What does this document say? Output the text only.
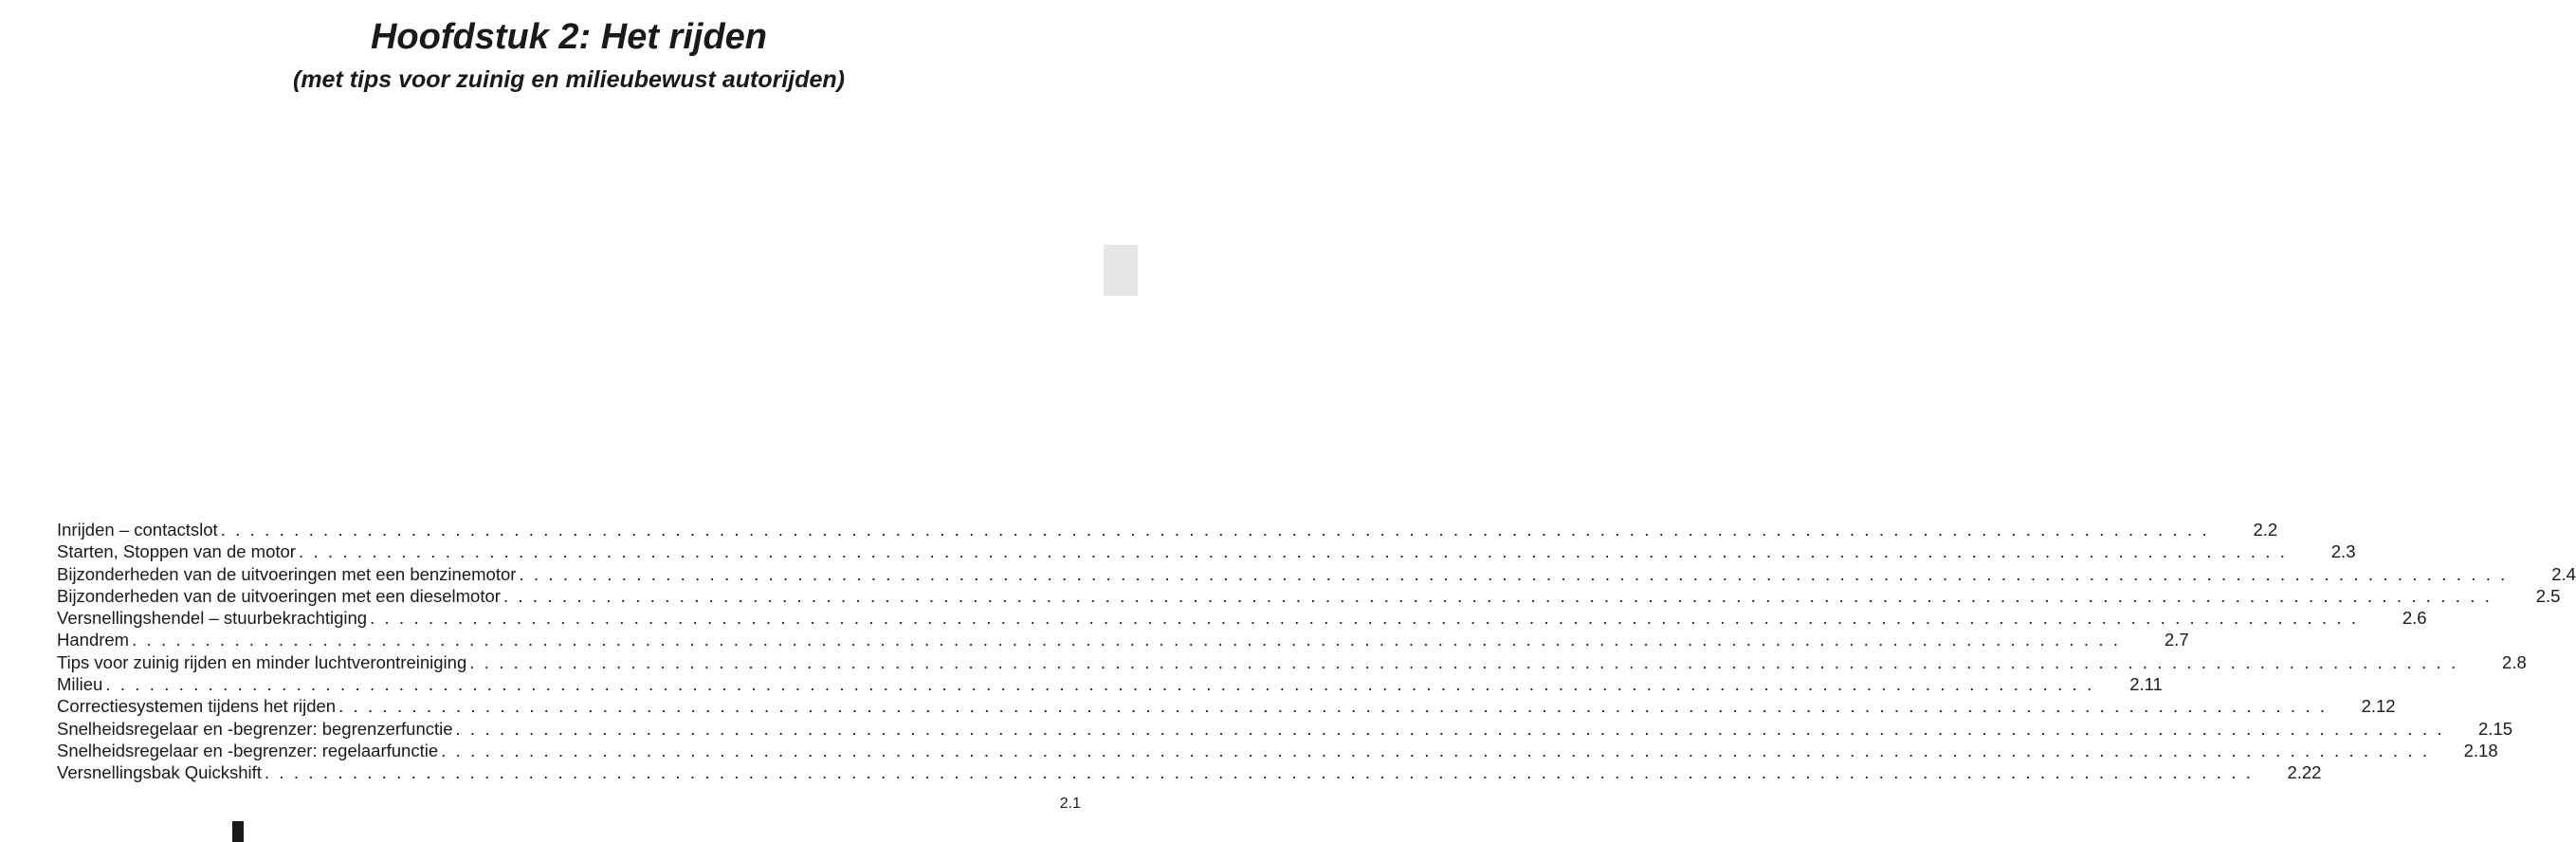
Hoofdstuk 2: Het rijden
(met tips voor zuinig en milieubewust autorijden)
Inrijden – contactslot . . . . . . . . . . . . . . . . . . . . . . . . . . . . . . . . . . . . . . . . . . . . . . . . . . . . . . . . . . . . . . . . . . . . . . . . . . . . . . . . . . . . . . . . . . . . . . . . . . . . . . . . . . . . . . . . . . . . . . . . . . . . . . . . . . . . . . . .	2.2
Starten, Stoppen van de motor . . . . . . . . . . . . . . . . . . . . . . . . . . . . . . . . . . . . . . . . . . . . . . . . . . . . . . . . . . . . . . . . . . . . . . . . . . . . . . . . . . . . . . . . . . . . . . . . . . . . . . . . . . . . . . . . . . . . . . . . . . . . . . . . . . . . . . . .	2.3
Bijzonderheden van de uitvoeringen met een benzinemotor . . . . . . . . . . . . . . . . . . . . . . . . . . . . . . . . . . . . . . . . . . . . . . . . . . . . . . . . . . . . . . . . . . . . . . . . . . . . . . . . . . . . . . . . . . . . . . . . . . . . . . . . . . . . . . . . . . . . . . . . . . . . . . . . . . . . . . . .	2.4
Bijzonderheden van de uitvoeringen met een dieselmotor . . . . . . . . . . . . . . . . . . . . . . . . . . . . . . . . . . . . . . . . . . . . . . . . . . . . . . . . . . . . . . . . . . . . . . . . . . . . . . . . . . . . . . . . . . . . . . . . . . . . . . . . . . . . . . . . . . . . . . . . . . . . . . . . . . . . . . . .	2.5
Versnellingshendel – stuurbekrachtiging . . . . . . . . . . . . . . . . . . . . . . . . . . . . . . . . . . . . . . . . . . . . . . . . . . . . . . . . . . . . . . . . . . . . . . . . . . . . . . . . . . . . . . . . . . . . . . . . . . . . . . . . . . . . . . . . . . . . . . . . . . . . . . . . . . . . . . . .	2.6
Handrem . . . . . . . . . . . . . . . . . . . . . . . . . . . . . . . . . . . . . . . . . . . . . . . . . . . . . . . . . . . . . . . . . . . . . . . . . . . . . . . . . . . . . . . . . . . . . . . . . . . . . . . . . . . . . . . . . . . . . . . . . . . . . . . . . . . . . . . .	2.7
Tips voor zuinig rijden en minder luchtverontreiniging . . . . . . . . . . . . . . . . . . . . . . . . . . . . . . . . . . . . . . . . . . . . . . . . . . . . . . . . . . . . . . . . . . . . . . . . . . . . . . . . . . . . . . . . . . . . . . . . . . . . . . . . . . . . . . . . . . . . . . . . . . . . . . . . . . . . . . . .	2.8
Milieu . . . . . . . . . . . . . . . . . . . . . . . . . . . . . . . . . . . . . . . . . . . . . . . . . . . . . . . . . . . . . . . . . . . . . . . . . . . . . . . . . . . . . . . . . . . . . . . . . . . . . . . . . . . . . . . . . . . . . . . . . . . . . . . . . . . . . . . .	2.11
Correctiesystemen tijdens het rijden . . . . . . . . . . . . . . . . . . . . . . . . . . . . . . . . . . . . . . . . . . . . . . . . . . . . . . . . . . . . . . . . . . . . . . . . . . . . . . . . . . . . . . . . . . . . . . . . . . . . . . . . . . . . . . . . . . . . . . . . . . . . . . . . . . . . . . . .	2.12
Snelheidsregelaar en -begrenzer: begrenzerfunctie . . . . . . . . . . . . . . . . . . . . . . . . . . . . . . . . . . . . . . . . . . . . . . . . . . . . . . . . . . . . . . . . . . . . . . . . . . . . . . . . . . . . . . . . . . . . . . . . . . . . . . . . . . . . . . . . . . . . . . . . . . . . . . . . . . . . . . . .	2.15
Snelheidsregelaar en -begrenzer: regelaarfunctie . . . . . . . . . . . . . . . . . . . . . . . . . . . . . . . . . . . . . . . . . . . . . . . . . . . . . . . . . . . . . . . . . . . . . . . . . . . . . . . . . . . . . . . . . . . . . . . . . . . . . . . . . . . . . . . . . . . . . . . . . . . . . . . . . . . . . . . .	2.18
Versnellingsbak Quickshift . . . . . . . . . . . . . . . . . . . . . . . . . . . . . . . . . . . . . . . . . . . . . . . . . . . . . . . . . . . . . . . . . . . . . . . . . . . . . . . . . . . . . . . . . . . . . . . . . . . . . . . . . . . . . . . . . . . . . . . . . . . . . . . . . . . . . . . .	2.22
2.1
